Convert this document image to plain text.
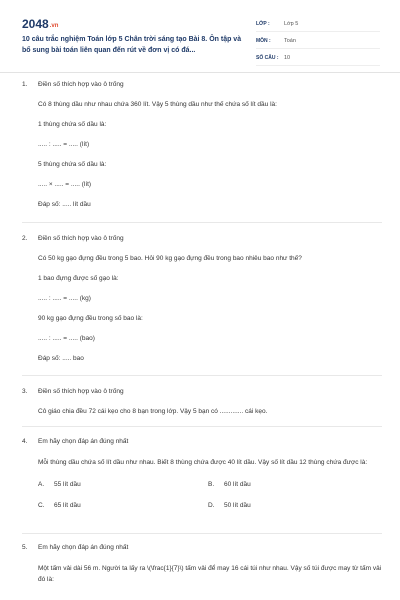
2048.vn
10 câu trắc nghiệm Toán lớp 5 Chân trời sáng tạo Bài 8. Ôn tập và bổ sung bài toán liên quan đến rút về đơn vị có đá...
LỚP :	Lớp 5
MÔN :	Toán
SỐ CÂU :	10
1.	Điền số thích hợp vào ô trống
Có 8 thùng dầu như nhau chứa 360 lít. Vậy 5 thùng dầu như thế chứa số lít dầu là:
1 thùng chứa số dầu là:
..... : ..... = ..... (lít)
5 thùng chứa số dầu là:
..... × ..... = ..... (lít)
Đáp số: ..... lít dầu
2.	Điền số thích hợp vào ô trống
Có 50 kg gạo đựng đều trong 5 bao. Hỏi 90 kg gạo đựng đều trong bao nhiêu bao như thế?
1 bao đựng được số gạo là:
..... : ..... = ..... (kg)
90 kg gạo đựng đều trong số bao là:
..... : ..... = ..... (bao)
Đáp số: ..... bao
3.	Điền số thích hợp vào ô trống
Cô giáo chia đều 72 cái kẹo cho 8 bạn trong lớp. Vậy 5 bạn có ............. cái kẹo.
4.	Em hãy chọn đáp án đúng nhất
Mỗi thùng dầu chứa số lít dầu như nhau. Biết 8 thùng chứa được 40 lít dầu. Vậy số lít dầu 12 thùng chứa được là:
A. 55 lít dầu	B. 60 lít dầu
C. 65 lít dầu	D. 50 lít dầu
5.	Em hãy chọn đáp án đúng nhất
Một tấm vải dài 56 m. Người ta lấy ra \(\frac{1}{7}\) tấm vải để may 16 cái túi như nhau. Vậy số túi được may từ tấm vải đó là:
